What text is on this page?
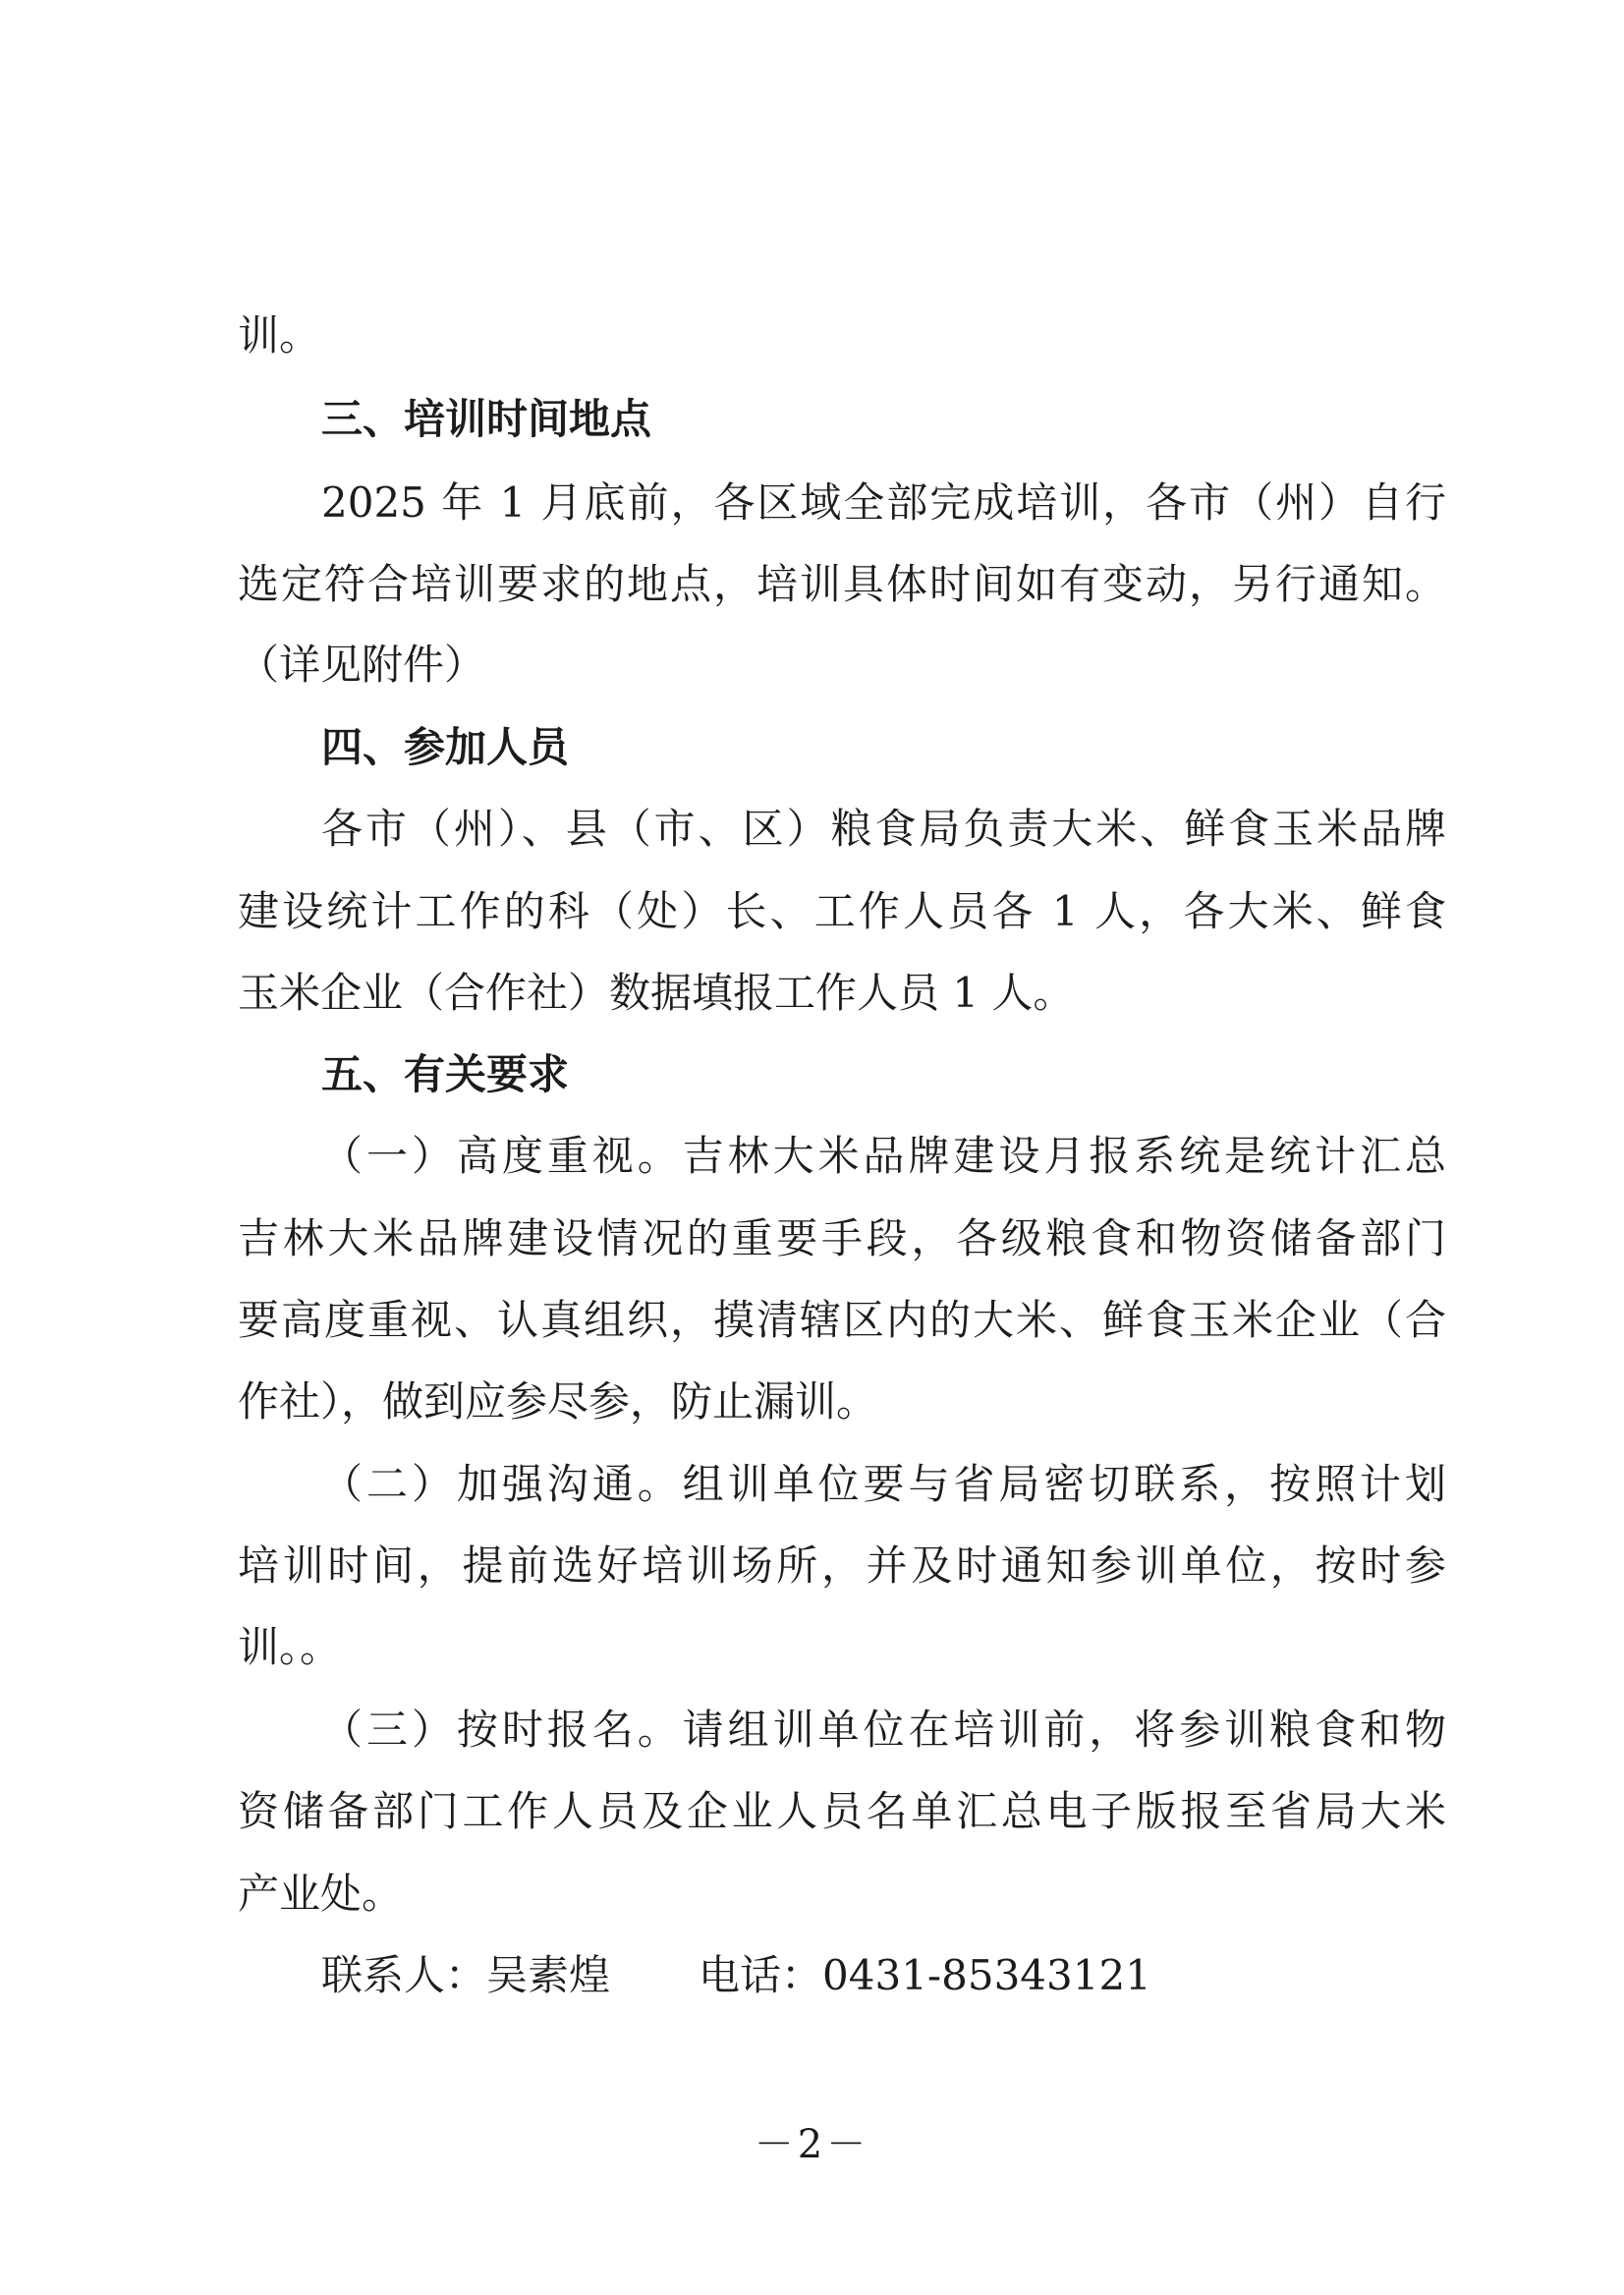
训。
三、培训时间地点
2025 年 1 月底前，各区域全部完成培训，各市（州）自行
选定符合培训要求的地点，培训具体时间如有变动，另行通知。
（详见附件）
四、参加人员
各市（州）、县（市、区）粮食局负责大米、鲜食玉米品牌
建设统计工作的科（处）长、工作人员各 1 人，各大米、鲜食
玉米企业（合作社）数据填报工作人员 1 人。
五、有关要求
（一）高度重视。吉林大米品牌建设月报系统是统计汇总
吉林大米品牌建设情况的重要手段，各级粮食和物资储备部门
要高度重视、认真组织，摸清辖区内的大米、鲜食玉米企业（合
作社），做到应参尽参，防止漏训。
（二）加强沟通。组训单位要与省局密切联系，按照计划
培训时间，提前选好培训场所，并及时通知参训单位，按时参
训。。
（三）按时报名。请组训单位在培训前，将参训粮食和物
资储备部门工作人员及企业人员名单汇总电子版报至省局大米
产业处。
联系人：吴素煌 电话：0431-85343121
－2－
